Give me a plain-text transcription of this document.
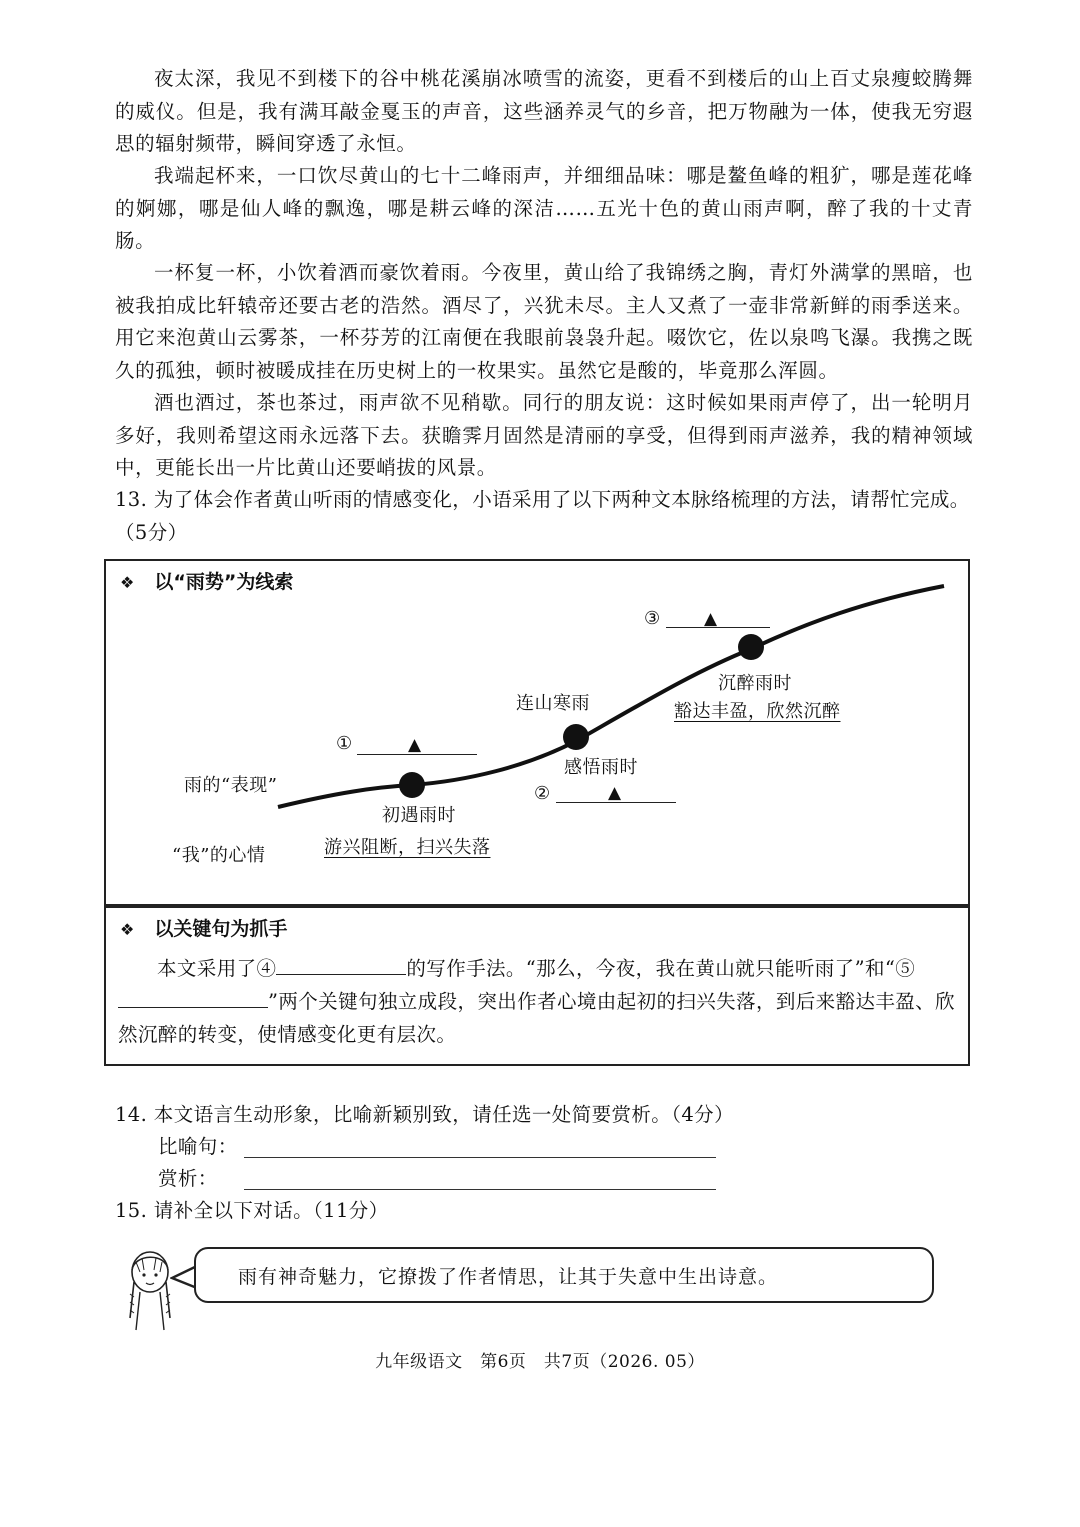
夜太深，我见不到楼下的谷中桃花溪崩冰喷雪的流姿，更看不到楼后的山上百丈泉瘦蛟腾舞的威仪。但是，我有满耳敲金戛玉的声音，这些涵养灵气的乡音，把万物融为一体，使我无穷遐思的辐射频带，瞬间穿透了永恒。

我端起杯来，一口饮尽黄山的七十二峰雨声，并细细品味：哪是鳌鱼峰的粗犷，哪是莲花峰的婀娜，哪是仙人峰的飘逸，哪是耕云峰的深洁……五光十色的黄山雨声啊，醉了我的十丈青肠。

一杯复一杯，小饮着酒而豪饮着雨。今夜里，黄山给了我锦绣之胸，青灯外满掌的黑暗，也被我拍成比轩辕帝还要古老的浩然。酒尽了，兴犹未尽。主人又煮了一壶非常新鲜的雨季送来。用它来泡黄山云雾茶，一杯芬芳的江南便在我眼前袅袅升起。啜饮它，佐以泉鸣飞瀑。我携之既久的孤独，顿时被暖成挂在历史树上的一枚果实。虽然它是酸的，毕竟那么浑圆。

酒也酒过，茶也茶过，雨声欲不见稍歇。同行的朋友说：这时候如果雨声停了，出一轮明月多好，我则希望这雨永远落下去。获瞻霁月固然是清丽的享受，但得到雨声滋养，我的精神领域中，更能长出一片比黄山还要峭拔的风景。

13. 为了体会作者黄山听雨的情感变化，小语采用了以下两种文本脉络梳理的方法，请帮忙完成。（5分）

❖ 以“雨势”为线索
雨的“表现”
“我”的心情
①	▲
初遇雨时
游兴阻断，扫兴失落
②	▲
连山寒雨
感悟雨时
③	▲
沉醉雨时
豁达丰盈，欣然沉醉
❖ 以关键句为抓手

本文采用了④	的写作手法。“那么，今夜，我在黄山就只能听雨了”和“⑤”两个关键句独立成段，突出作者心境由起初的扫兴失落，到后来豁达丰盈、欣然沉醉的转变，使情感变化更有层次。

14. 本文语言生动形象，比喻新颖别致，请任选一处简要赏析。（4分）

比喻句：
赏析：

15. 请补全以下对话。（11分）

雨有神奇魅力，它撩拨了作者情思，让其于失意中生出诗意。
九年级语文　第6页　共7页（2026. 05）
